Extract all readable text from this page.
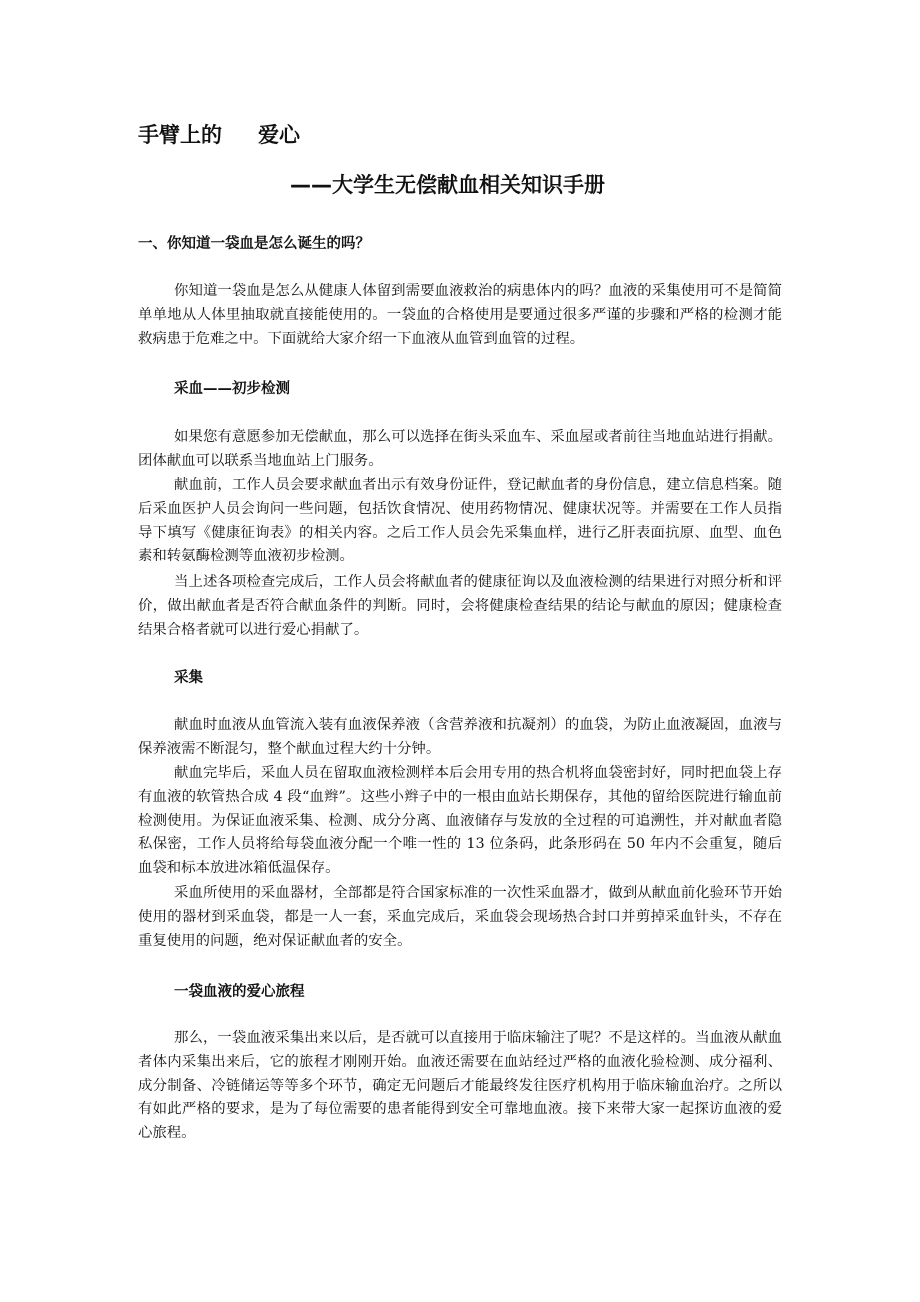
手臂上的 爱心
——大学生无偿献血相关知识手册
一、你知道一袋血是怎么诞生的吗？

你知道一袋血是怎么从健康人体留到需要血液救治的病患体内的吗？血液的采集使用可不是简简单单地从人体里抽取就直接能使用的。一袋血的合格使用是要通过很多严谨的步骤和严格的检测才能救病患于危难之中。下面就给大家介绍一下血液从血管到血管的过程。

采血——初步检测

如果您有意愿参加无偿献血，那么可以选择在街头采血车、采血屋或者前往当地血站进行捐献。团体献血可以联系当地血站上门服务。

献血前，工作人员会要求献血者出示有效身份证件，登记献血者的身份信息，建立信息档案。随后采血医护人员会询问一些问题，包括饮食情况、使用药物情况、健康状况等。并需要在工作人员指导下填写《健康征询表》的相关内容。之后工作人员会先采集血样，进行乙肝表面抗原、血型、血色素和转氨酶检测等血液初步检测。

当上述各项检查完成后，工作人员会将献血者的健康征询以及血液检测的结果进行对照分析和评价，做出献血者是否符合献血条件的判断。同时，会将健康检查结果的结论与献血的原因；健康检查结果合格者就可以进行爱心捐献了。

采集

献血时血液从血管流入装有血液保养液（含营养液和抗凝剂）的血袋，为防止血液凝固，血液与保养液需不断混匀，整个献血过程大约十分钟。

献血完毕后，采血人员在留取血液检测样本后会用专用的热合机将血袋密封好，同时把血袋上存有血液的软管热合成 4 段“血辫”。这些小辫子中的一根由血站长期保存，其他的留给医院进行输血前检测使用。为保证血液采集、检测、成分分离、血液储存与发放的全过程的可追溯性，并对献血者隐私保密，工作人员将给每袋血液分配一个唯一性的 13 位条码，此条形码在 50 年内不会重复，随后血袋和标本放进冰箱低温保存。

采血所使用的采血器材，全部都是符合国家标准的一次性采血器才，做到从献血前化验环节开始使用的器材到采血袋，都是一人一套，采血完成后，采血袋会现场热合封口并剪掉采血针头，不存在重复使用的问题，绝对保证献血者的安全。

一袋血液的爱心旅程

那么，一袋血液采集出来以后，是否就可以直接用于临床输注了呢？不是这样的。当血液从献血者体内采集出来后，它的旅程才刚刚开始。血液还需要在血站经过严格的血液化验检测、成分福利、成分制备、冷链储运等等多个环节，确定无问题后才能最终发往医疗机构用于临床输血治疗。之所以有如此严格的要求，是为了每位需要的患者能得到安全可靠地血液。接下来带大家一起探访血液的爱心旅程。
